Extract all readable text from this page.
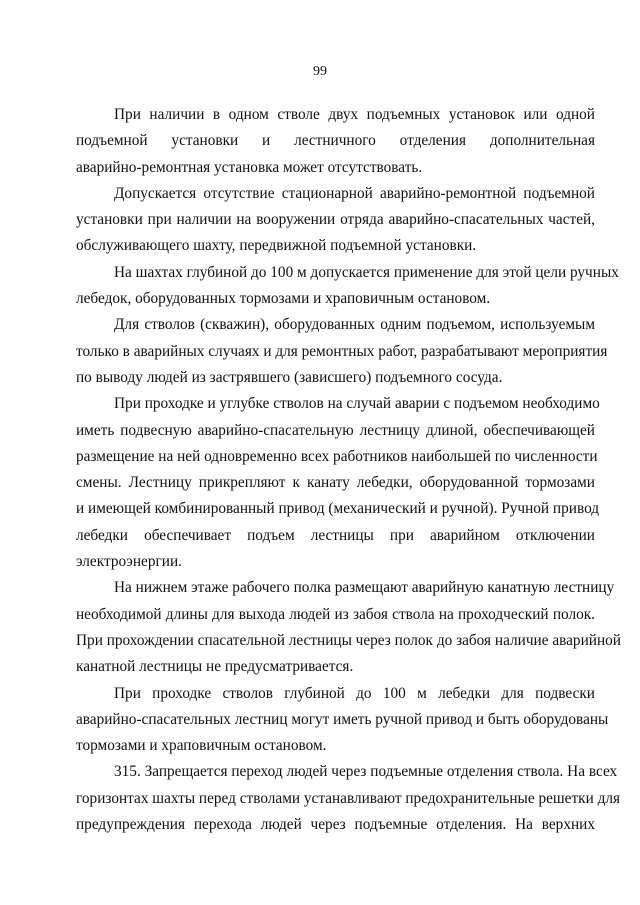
99
При наличии в одном стволе двух подъемных установок или одной
подъемной установки и лестничного отделения дополнительная
аварийно-ремонтная установка может отсутствовать.
Допускается отсутствие стационарной аварийно-ремонтной подъемной
установки при наличии на вооружении отряда аварийно-спасательных частей,
обслуживающего шахту, передвижной подъемной установки.
На шахтах глубиной до 100 м допускается применение для этой цели ручных
лебедок, оборудованных тормозами и храповичным остановом.
Для стволов (скважин), оборудованных одним подъемом, используемым
только в аварийных случаях и для ремонтных работ, разрабатывают мероприятия
по выводу людей из застрявшего (зависшего) подъемного сосуда.
При проходке и углубке стволов на случай аварии с подъемом необходимо
иметь подвесную аварийно-спасательную лестницу длиной, обеспечивающей
размещение на ней одновременно всех работников наибольшей по численности
смены. Лестницу прикрепляют к канату лебедки, оборудованной тормозами
и имеющей комбинированный привод (механический и ручной). Ручной привод
лебедки обеспечивает подъем лестницы при аварийном отключении
электроэнергии.
На нижнем этаже рабочего полка размещают аварийную канатную лестницу
необходимой длины для выхода людей из забоя ствола на проходческий полок.
При прохождении спасательной лестницы через полок до забоя наличие аварийной
канатной лестницы не предусматривается.
При проходке стволов глубиной до 100 м лебедки для подвески
аварийно-спасательных лестниц могут иметь ручной привод и быть оборудованы
тормозами и храповичным остановом.
315. Запрещается переход людей через подъемные отделения ствола. На всех
горизонтах шахты перед стволами устанавливают предохранительные решетки для
предупреждения перехода людей через подъемные отделения. На верхних
